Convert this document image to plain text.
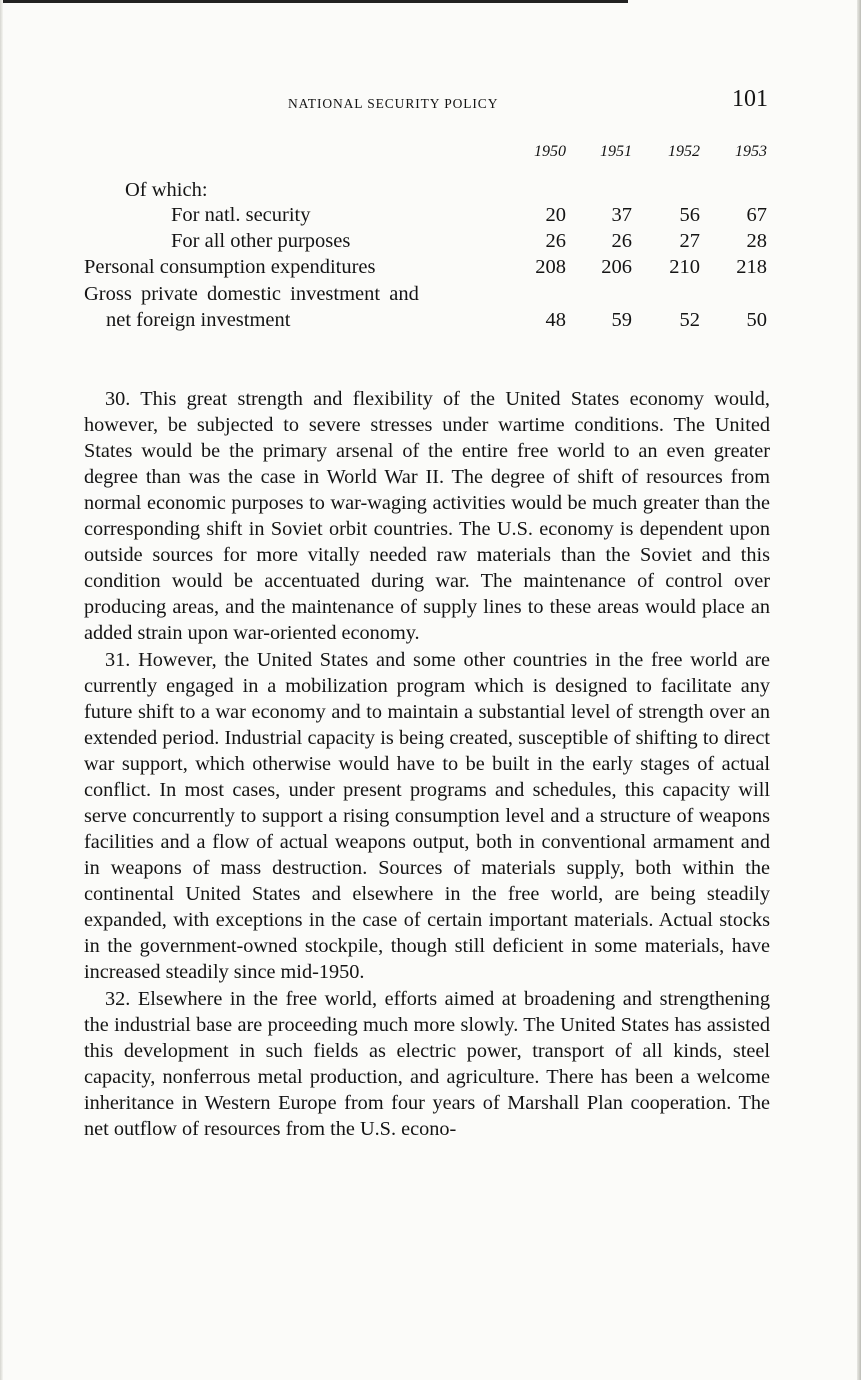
NATIONAL SECURITY POLICY	101
1950	1951	1952	1953
Of which:
For natl. security	20	37	56	67
For all other purposes	26	26	27	28
Personal consumption expenditures	208	206	210	218
Gross private domestic investment and
net foreign investment	48	59	52	50

30. This great strength and flexibility of the United States economy would, however, be subjected to severe stresses under wartime conditions. The United States would be the primary arsenal of the entire free world to an even greater degree than was the case in World War II. The degree of shift of resources from normal economic purposes to war-waging activities would be much greater than the corresponding shift in Soviet orbit countries. The U.S. economy is dependent upon outside sources for more vitally needed raw materials than the Soviet and this condition would be accentuated during war. The maintenance of control over producing areas, and the maintenance of supply lines to these areas would place an added strain upon war-oriented economy.

31. However, the United States and some other countries in the free world are currently engaged in a mobilization program which is designed to facilitate any future shift to a war economy and to maintain a substantial level of strength over an extended period. Industrial capacity is being created, susceptible of shifting to direct war support, which otherwise would have to be built in the early stages of actual conflict. In most cases, under present programs and schedules, this capacity will serve concurrently to support a rising consumption level and a structure of weapons facilities and a flow of actual weapons output, both in conventional armament and in weapons of mass destruction. Sources of materials supply, both within the continental United States and elsewhere in the free world, are being steadily expanded, with exceptions in the case of certain important materials. Actual stocks in the government-owned stockpile, though still deficient in some materials, have increased steadily since mid-1950.

32. Elsewhere in the free world, efforts aimed at broadening and strengthening the industrial base are proceeding much more slowly. The United States has assisted this development in such fields as electric power, transport of all kinds, steel capacity, nonferrous metal production, and agriculture. There has been a welcome inheritance in Western Europe from four years of Marshall Plan cooperation. The net outflow of resources from the U.S. econo-
